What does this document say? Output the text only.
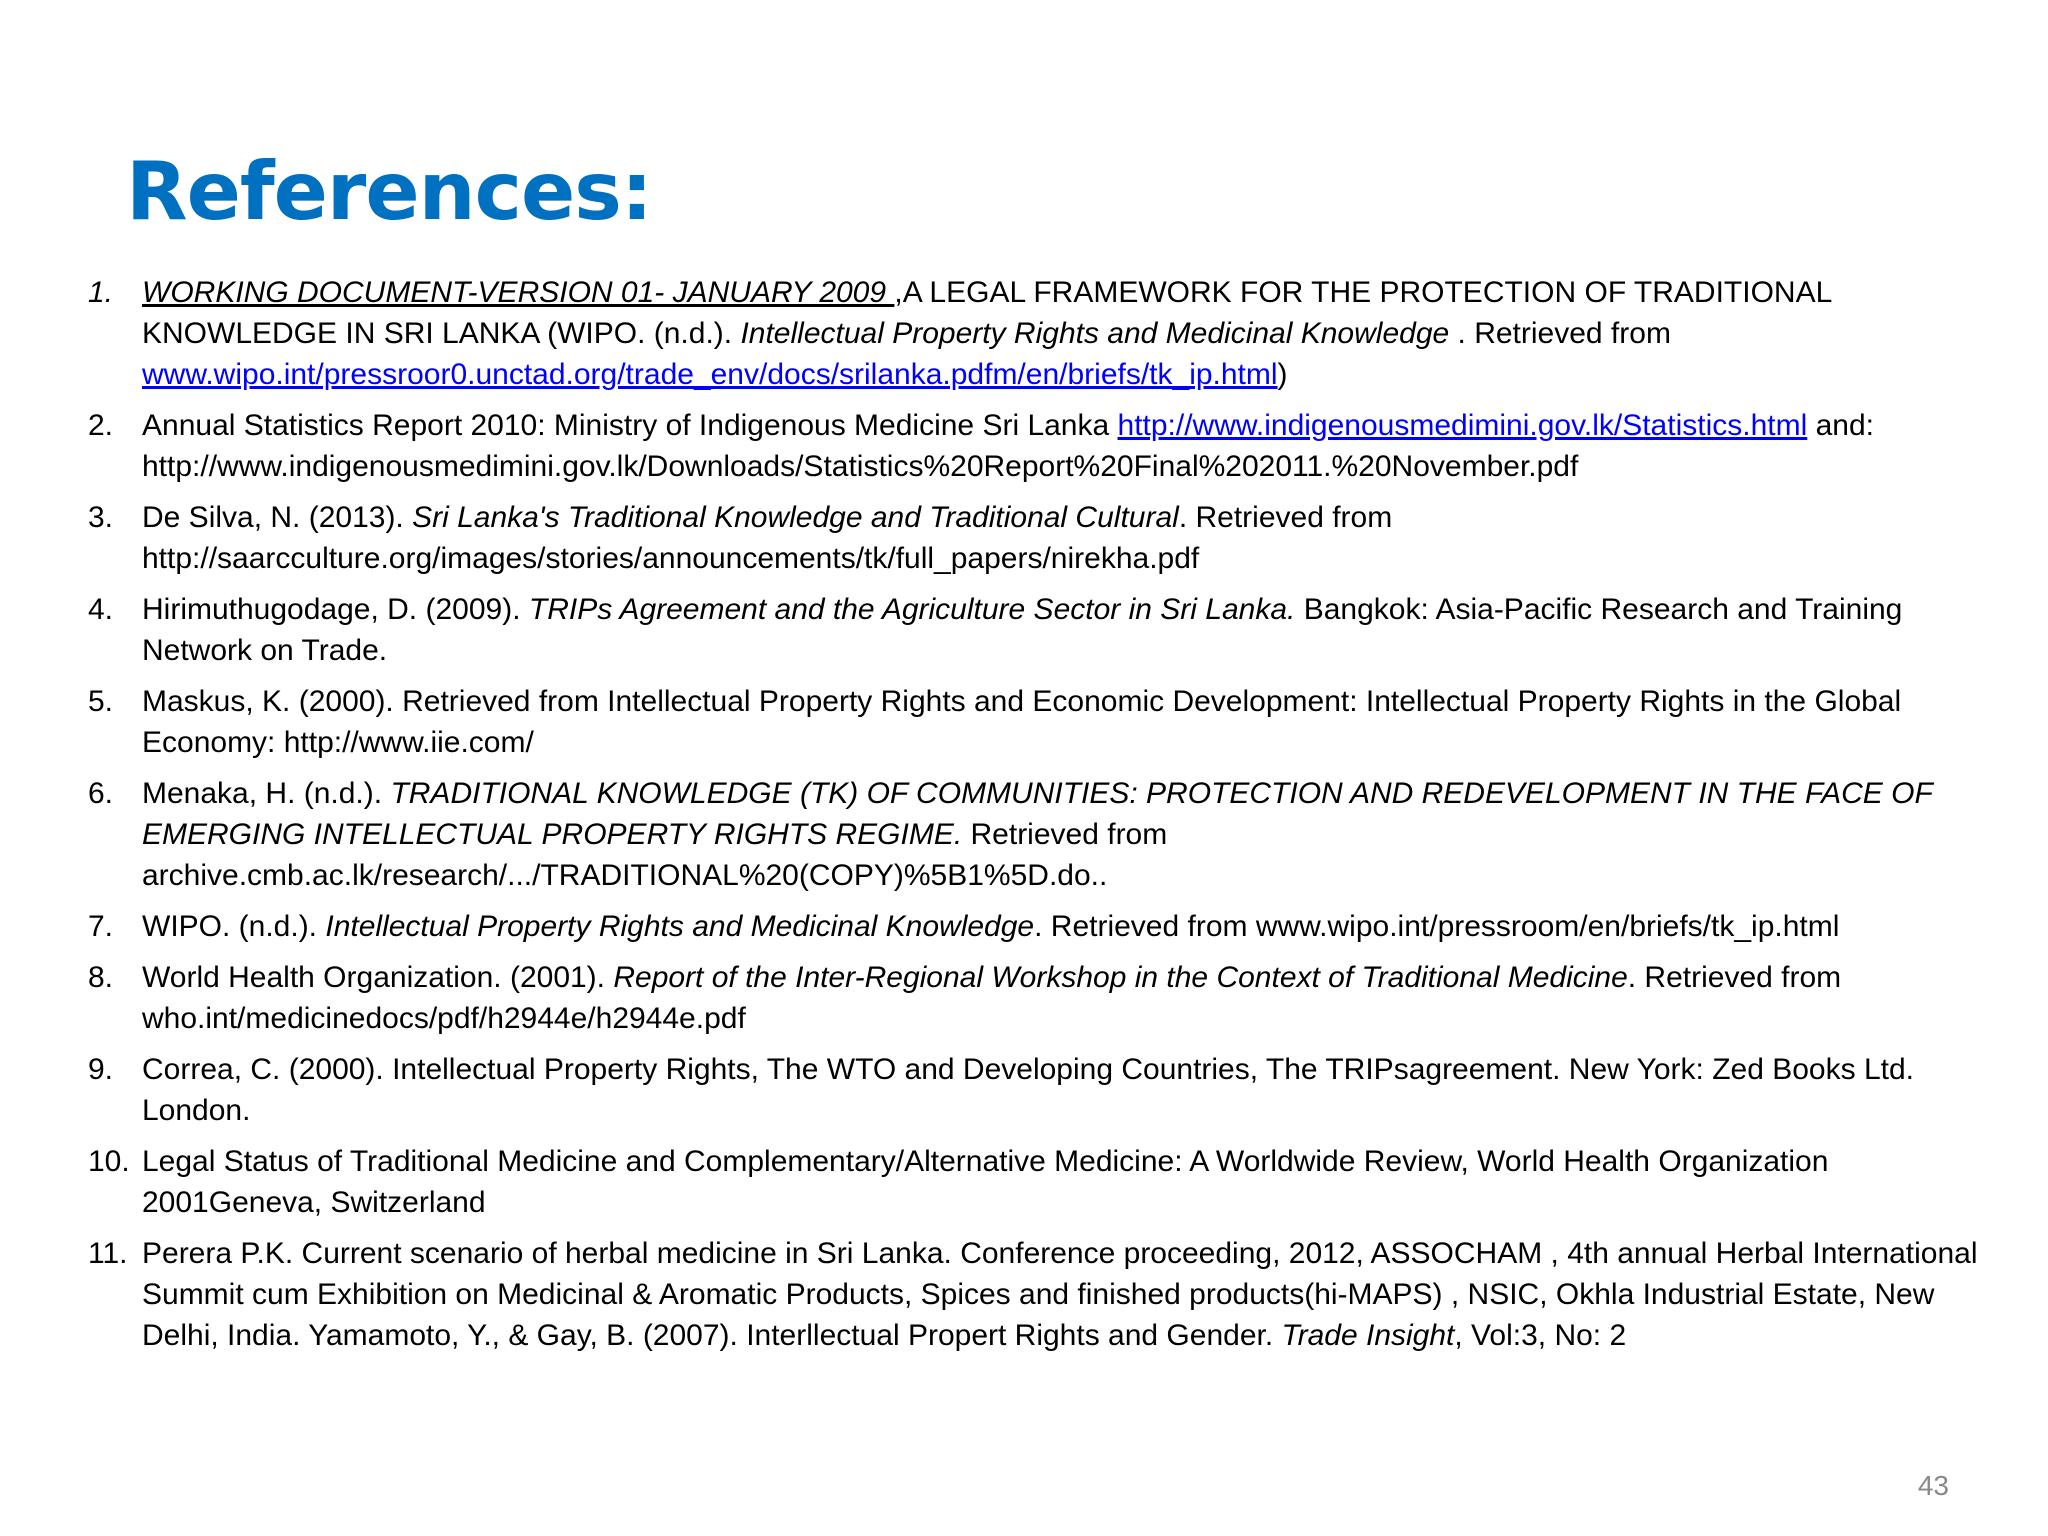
References:
1. WORKING DOCUMENT-VERSION 01- JANUARY 2009 ,A LEGAL FRAMEWORK FOR THE PROTECTION OF TRADITIONAL KNOWLEDGE IN SRI LANKA (WIPO. (n.d.). Intellectual Property Rights and Medicinal Knowledge . Retrieved from www.wipo.int/pressroor0.unctad.org/trade_env/docs/srilanka.pdfm/en/briefs/tk_ip.html)
2. Annual Statistics Report 2010: Ministry of Indigenous Medicine Sri Lanka http://www.indigenousmedimini.gov.lk/Statistics.html and: http://www.indigenousmedimini.gov.lk/Downloads/Statistics%20Report%20Final%202011.%20November.pdf
3. De Silva, N. (2013). Sri Lanka's Traditional Knowledge and Traditional Cultural. Retrieved from http://saarcculture.org/images/stories/announcements/tk/full_papers/nirekha.pdf
4. Hirimuthugodage, D. (2009). TRIPs Agreement and the Agriculture Sector in Sri Lanka. Bangkok: Asia-Pacific Research and Training Network on Trade.
5. Maskus, K. (2000). Retrieved from Intellectual Property Rights and Economic Development: Intellectual Property Rights in the Global Economy: http://www.iie.com/
6. Menaka, H. (n.d.). TRADITIONAL KNOWLEDGE (TK) OF COMMUNITIES: PROTECTION AND REDEVELOPMENT IN THE FACE OF EMERGING INTELLECTUAL PROPERTY RIGHTS REGIME. Retrieved from archive.cmb.ac.lk/research/.../TRADITIONAL%20(COPY)%5B1%5D.do..
7. WIPO. (n.d.). Intellectual Property Rights and Medicinal Knowledge. Retrieved from www.wipo.int/pressroom/en/briefs/tk_ip.html
8. World Health Organization. (2001). Report of the Inter-Regional Workshop in the Context of Traditional Medicine. Retrieved from who.int/medicinedocs/pdf/h2944e/h2944e.pdf
9. Correa, C. (2000). Intellectual Property Rights, The WTO and Developing Countries, The TRIPsagreement. New York: Zed Books Ltd. London.
10. Legal Status of Traditional Medicine and Complementary/Alternative Medicine: A Worldwide Review, World Health Organization 2001Geneva, Switzerland
11. Perera P.K. Current scenario of herbal medicine in Sri Lanka. Conference proceeding, 2012, ASSOCHAM , 4th annual Herbal International Summit cum Exhibition on Medicinal & Aromatic Products, Spices and finished products(hi-MAPS) , NSIC, Okhla Industrial Estate, New Delhi, India. Yamamoto, Y., & Gay, B. (2007). Interllectual Propert Rights and Gender. Trade Insight, Vol:3, No: 2
43
